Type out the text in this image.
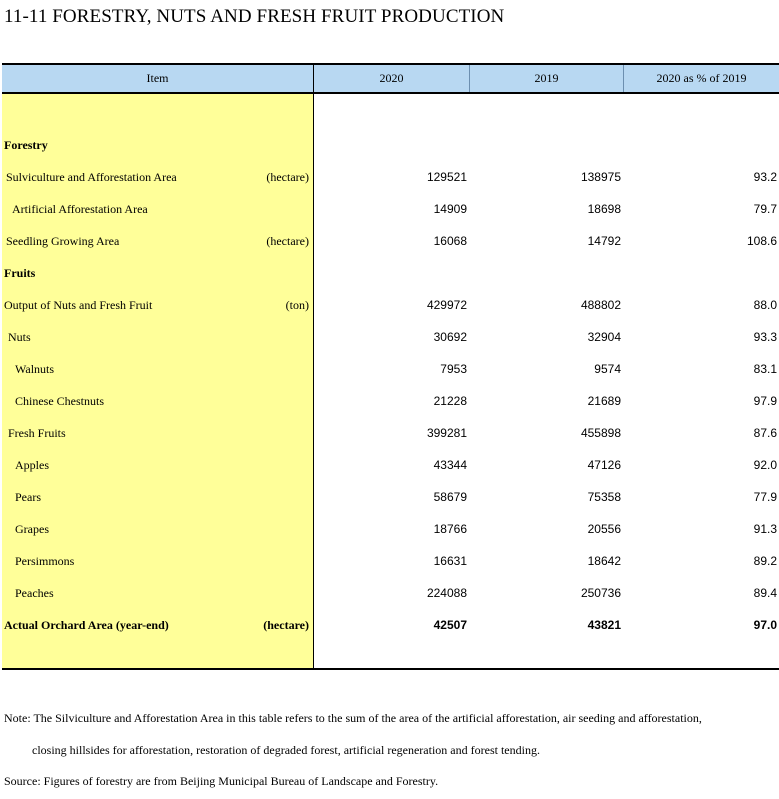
11-11 FORESTRY, NUTS AND FRESH FRUIT PRODUCTION
Item	2020	2019	2020 as % of 2019
Forestry
Sulviculture and Afforestation Area	(hectare)	129521	138975	93.2
Artificial Afforestation Area	14909	18698	79.7
Seedling Growing Area	(hectare)	16068	14792	108.6
Fruits
Output of Nuts and Fresh Fruit	(ton)	429972	488802	88.0
Nuts	30692	32904	93.3
Walnuts	7953	9574	83.1
Chinese Chestnuts	21228	21689	97.9
Fresh Fruits	399281	455898	87.6
Apples	43344	47126	92.0
Pears	58679	75358	77.9
Grapes	18766	20556	91.3
Persimmons	16631	18642	89.2
Peaches	224088	250736	89.4
Actual Orchard Area (year-end)	(hectare)	42507	43821	97.0
Note: The Silviculture and Afforestation Area in this table refers to the sum of the area of the artificial afforestation, air seeding and afforestation,
closing hillsides for afforestation, restoration of degraded forest, artificial regeneration and forest tending.
Source: Figures of forestry are from Beijing Municipal Bureau of Landscape and Forestry.
